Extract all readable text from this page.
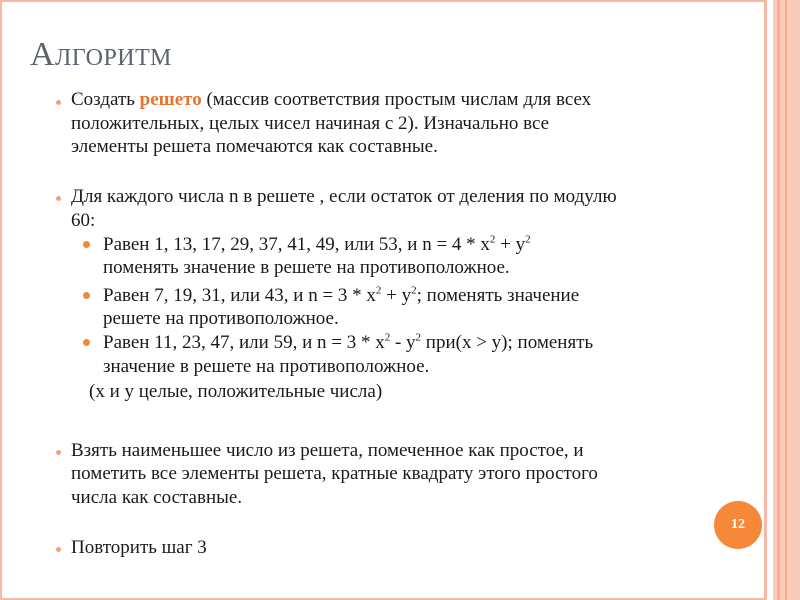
Алгоритм
Создать решето (массив соответствия простым числам для всех
положительных, целых чисел начиная с 2). Изначально все
элементы решета помечаются как составные.
Для каждого числа n в решете , если остаток от деления по модулю
60:
Равен 1, 13, 17, 29, 37, 41, 49, или 53, и $n = 4 * x^2 + y^2$
поменять значение в решете на противоположное.
Равен 7, 19, 31, или 43, и $n = 3 * x^2 + y^2$; поменять значение
решете на противоположное.
Равен 11, 23, 47, или 59, и $n = 3 * x^2 - y^2$ при(x > y); поменять
значение в решете на противоположное.
(x и y целые, положительные числа)
Взять наименьшее число из решета, помеченное как простое, и
пометить все элементы решета, кратные квадрату этого простого
числа как составные.
Повторить шаг 3
12
